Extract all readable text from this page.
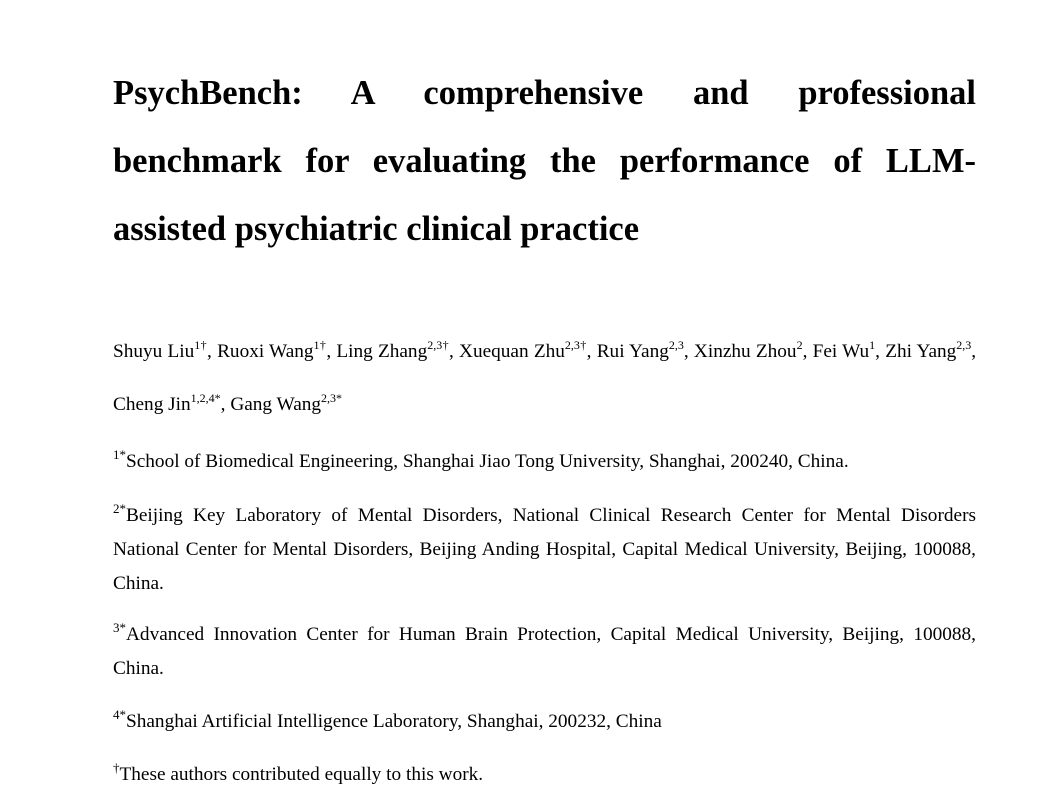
PsychBench: A comprehensive and professional benchmark for evaluating the performance of LLM-assisted psychiatric clinical practice

Shuyu Liu$^{1\dagger}$, Ruoxi Wang$^{1\dagger}$, Ling Zhang$^{2,3\dagger}$, Xuequan Zhu$^{2,3\dagger}$, Rui Yang$^{2,3}$, Xinzhu Zhou$^2$, Fei Wu$^1$, Zhi Yang$^{2,3}$, Cheng Jin$^{1,2,4*}$, Gang Wang$^{2,3*}$

$^{1*}$School of Biomedical Engineering, Shanghai Jiao Tong University, Shanghai, 200240, China.

$^{2*}$Beijing Key Laboratory of Mental Disorders, National Clinical Research Center for Mental Disorders National Center for Mental Disorders, Beijing Anding Hospital, Capital Medical University, Beijing, 100088, China.

$^{3*}$Advanced Innovation Center for Human Brain Protection, Capital Medical University, Beijing, 100088, China.

$^{4*}$Shanghai Artificial Intelligence Laboratory, Shanghai, 200232, China

†These authors contributed equally to this work.
